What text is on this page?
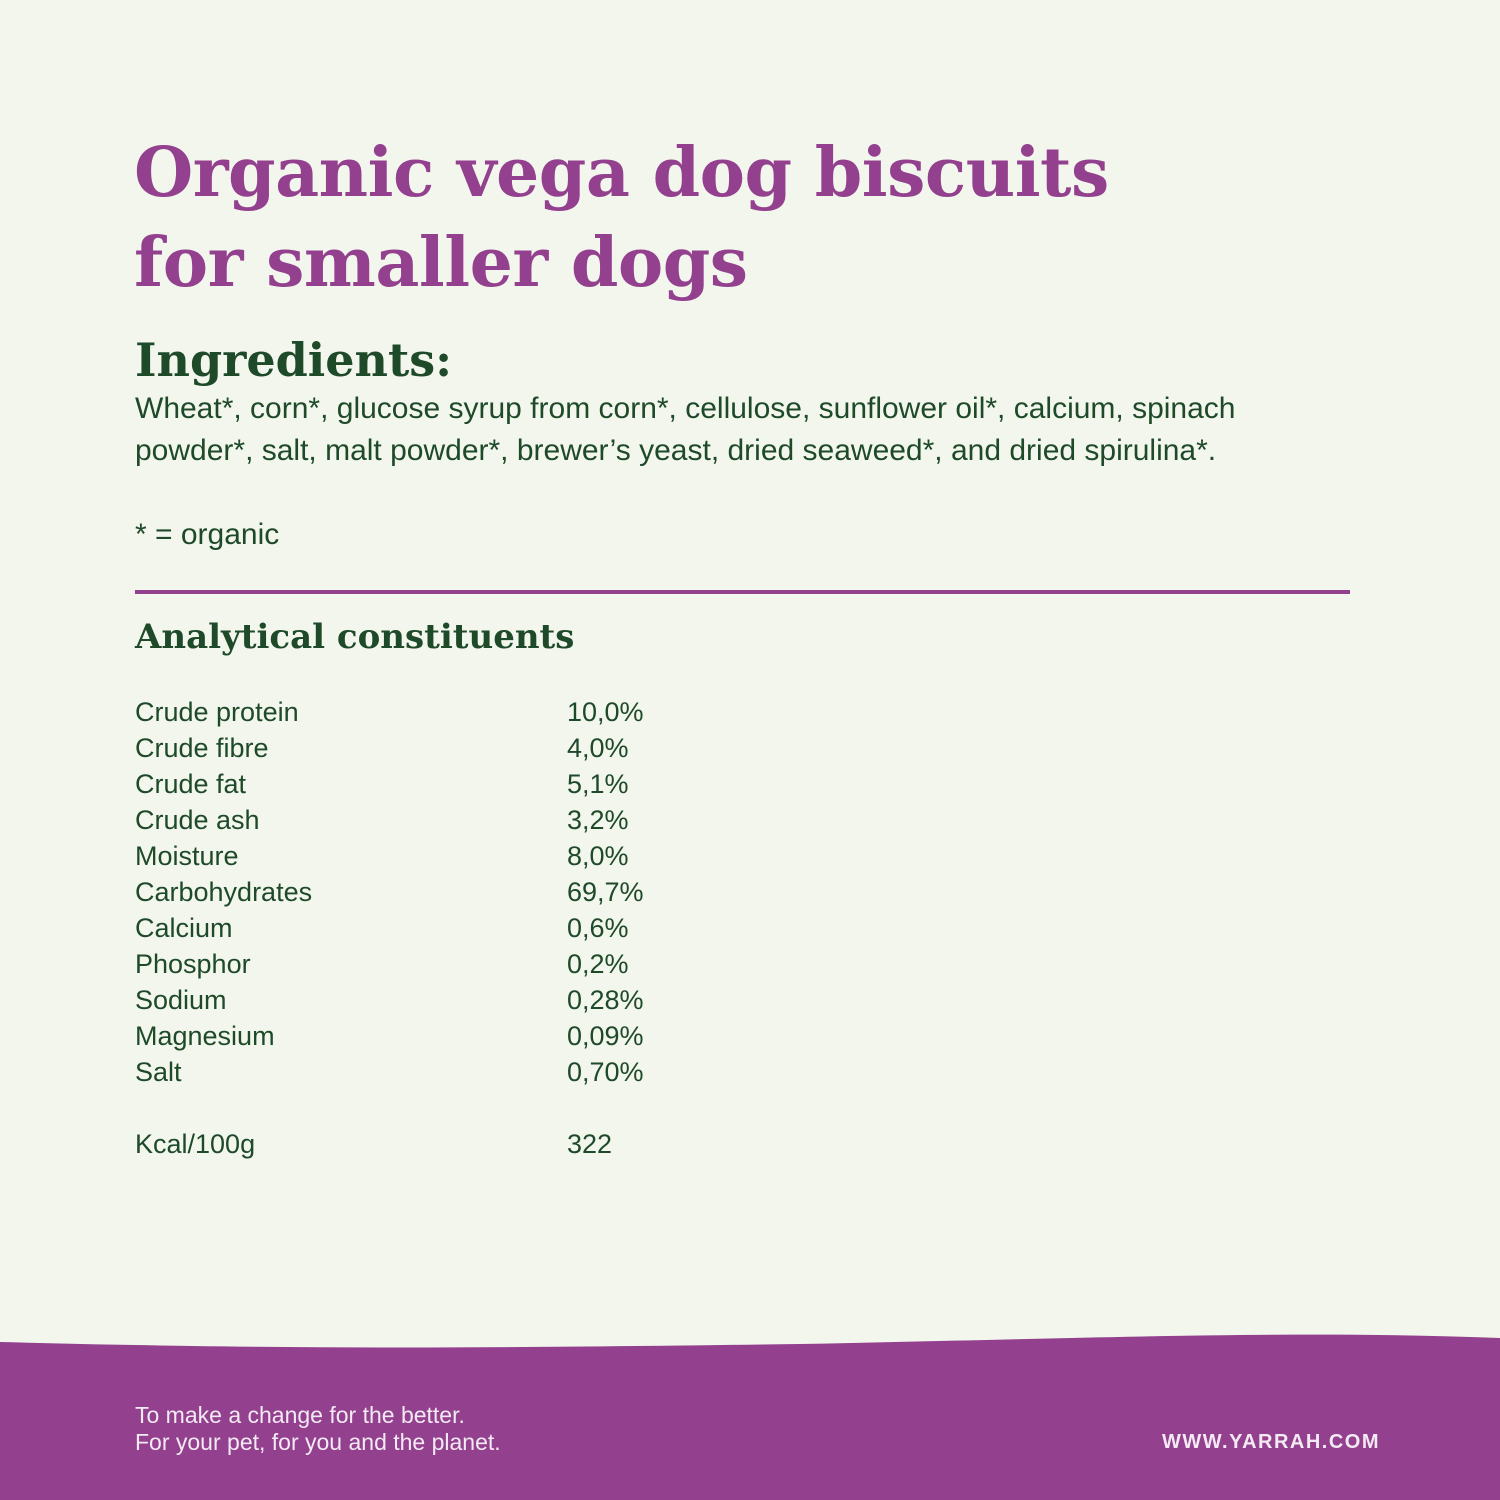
Organic vega dog biscuits
for smaller dogs
Ingredients:

Wheat*, corn*, glucose syrup from corn*, cellulose, sunflower oil*, calcium, spinach powder*, salt, malt powder*, brewer’s yeast, dried seaweed*, and dried spirulina*.

* = organic

Analytical constituents
Crude protein	10,0%
Crude fibre	4,0%
Crude fat	5,1%
Crude ash	3,2%
Moisture	8,0%
Carbohydrates	69,7%
Calcium	0,6%
Phosphor	0,2%
Sodium	0,28%
Magnesium	0,09%
Salt	0,70%
Kcal/100g	322

To make a change for the better.
For your pet, for you and the planet.	WWW.YARRAH.COM
